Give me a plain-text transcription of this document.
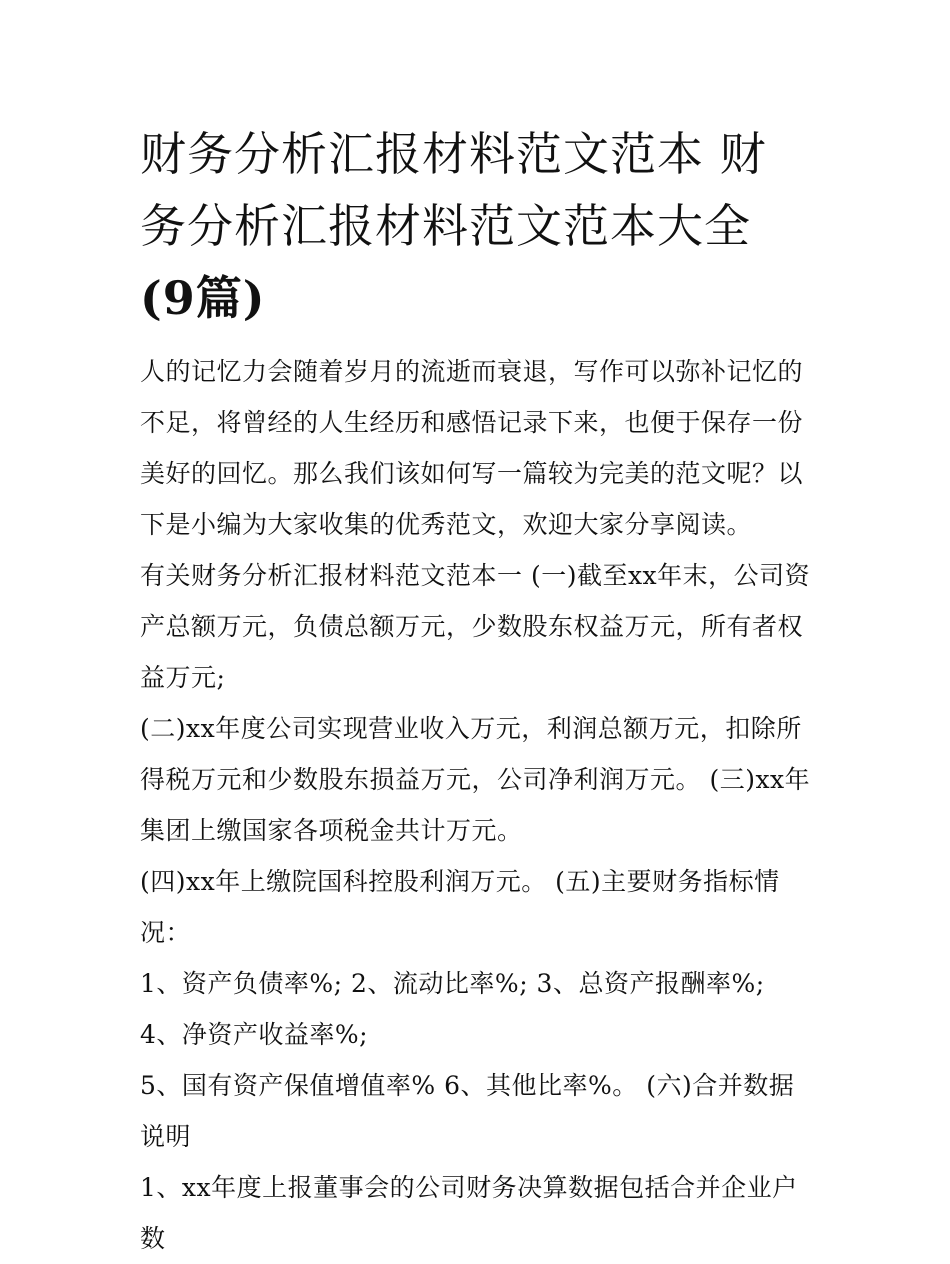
财务分析汇报材料范文范本 财务分析汇报材料范文范本大全
(9篇)

人的记忆力会随着岁月的流逝而衰退，写作可以弥补记忆的不足，将曾经的人生经历和感悟记录下来，也便于保存一份美好的回忆。那么我们该如何写一篇较为完美的范文呢？以下是小编为大家收集的优秀范文，欢迎大家分享阅读。

有关财务分析汇报材料范文范本一 (一)截至xx年末，公司资产总额万元，负债总额万元，少数股东权益万元，所有者权益万元;

(二)xx年度公司实现营业收入万元，利润总额万元，扣除所得税万元和少数股东损益万元，公司净利润万元。 (三)xx年集团上缴国家各项税金共计万元。

(四)xx年上缴院国科控股利润万元。 (五)主要财务指标情况：

1、资产负债率%; 2、流动比率%; 3、总资产报酬率%; 4、净资产收益率%;

5、国有资产保值增值率% 6、其他比率%。 (六)合并数据说明

1、xx年度上报董事会的公司财务决算数据包括合并企业户数
